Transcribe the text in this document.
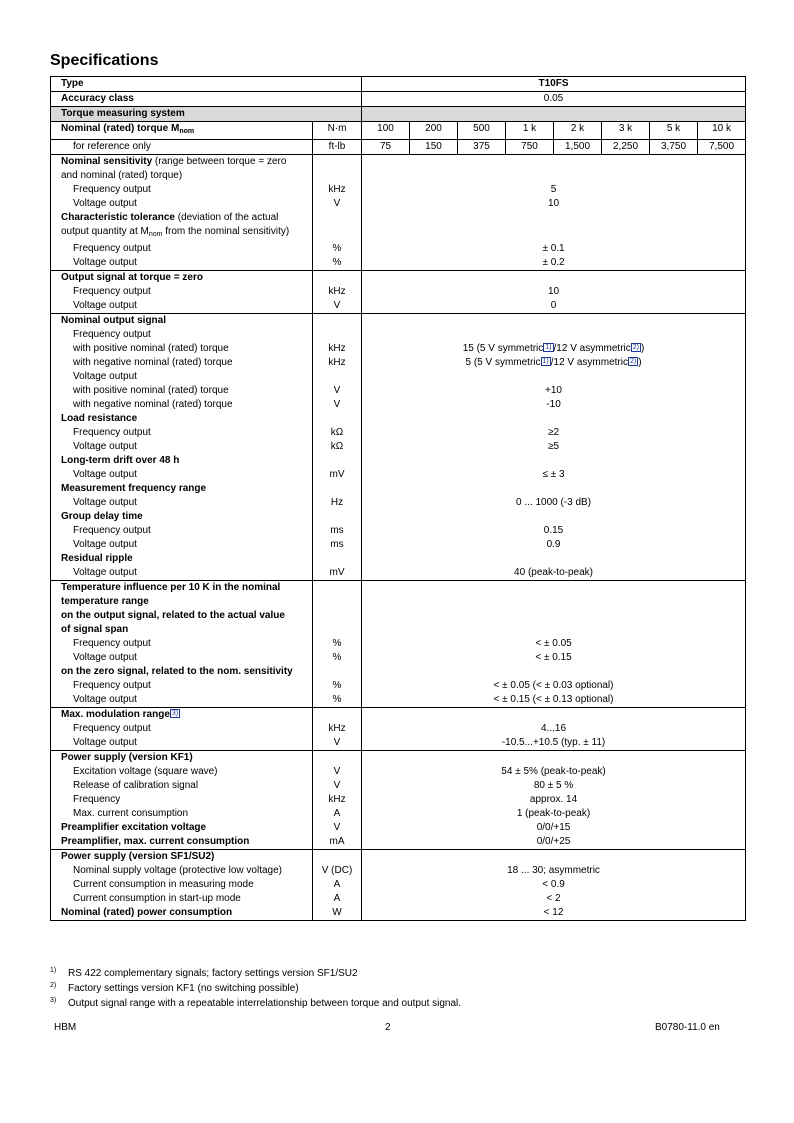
Specifications
Type		T10FS							
Accuracy class		0.05							
Torque measuring system									
Nominal (rated) torque $M_{nom}$	N·m	100	200	500	1 k	2 k	3 k	5 k	10 k
for reference only	ft-lb	75	150	375	750	1,500	2,250	3,750	7,500
Nominal sensitivity (range between torque = zero									
and nominal (rated) torque)									
Frequency output	kHz	5							
Voltage output	V	10							
Characteristic tolerance (deviation of the actual									
output quantity at $M_{nom}$ from the nominal sensitivity)									
Frequency output	%	± 0.1							
Voltage output	%	± 0.2							
Output signal at torque = zero									
Frequency output	kHz	10							
Voltage output	V	0							
Nominal output signal									
Frequency output									
with positive nominal (rated) torque	kHz	15 (5 V symmetric 1) /12 V asymmetric 2) )							
with negative nominal (rated) torque	kHz	5 (5 V symmetric 1) /12 V asymmetric 2) )							
Voltage output									
with positive nominal (rated) torque	V	+10							
with negative nominal (rated) torque	V	-10							
Load resistance									
Frequency output	kΩ	≥2							
Voltage output	kΩ	≥5							
Long-term drift over 48 h									
Voltage output	mV	≤ ± 3							
Measurement frequency range									
Voltage output	Hz	0 ... 1000 (-3 dB)							
Group delay time									
Frequency output	ms	0.15							
Voltage output	ms	0.9							
Residual ripple									
Voltage output	mV	40 (peak-to-peak)							
Temperature influence per 10 K in the nominal									
temperature range									
on the output signal, related to the actual value									
of signal span									
Frequency output	%	< ± 0.05							
Voltage output	%	< ± 0.15							
on the zero signal, related to the nom. sensitivity									
Frequency output	%	< ± 0.05 (< ± 0.03 optional)							
Voltage output	%	< ± 0.15 (< ± 0.13 optional)							
Max. modulation range 3)									
Frequency output	kHz	4...16							
Voltage output	V	-10.5...+10.5 (typ. ± 11)							
Power supply (version KF1)									
Excitation voltage (square wave)	V	54 ± 5% (peak-to-peak)							
Release of calibration signal	V	80 ± 5 %							
Frequency	kHz	approx. 14							
Max. current consumption	A	1 (peak-to-peak)							
Preamplifier excitation voltage	V	0/0/+15							
Preamplifier, max. current consumption	mA	0/0/+25							
Power supply (version SF1/SU2)									
Nominal supply voltage (protective low voltage)	V (DC)	18 ... 30; asymmetric							
Current consumption in measuring mode	A	< 0.9							
Current consumption in start-up mode	A	< 2							
Nominal (rated) power consumption	W	< 12							
1)	RS 422 complementary signals; factory settings version SF1/SU2
2)	Factory settings version KF1 (no switching possible)
3)	Output signal range with a repeatable interrelationship between torque and output signal.
HBM	2	B0780-11.0 en
